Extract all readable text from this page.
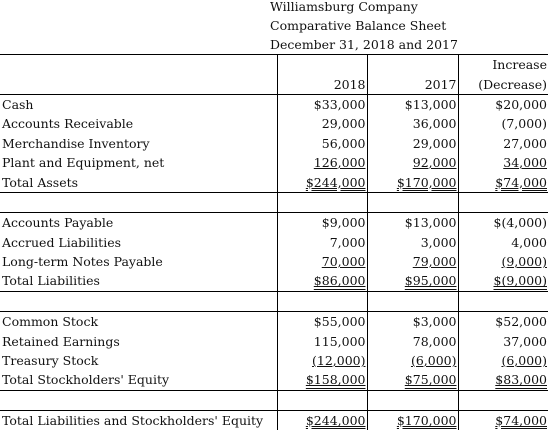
Williamsburg Company
Comparative Balance Sheet
December 31, 2018 and 2017
			Increase
	2018	2017	(Decrease)
Cash	$33,000	$13,000	$20,000
Accounts Receivable	29,000	36,000	(7,000)
Merchandise Inventory	56,000	29,000	27,000
Plant and Equipment, net	126,000	92,000	34,000
Total Assets	$244,000	$170,000	$74,000

Accounts Payable	$9,000	$13,000	$(4,000)
Accrued Liabilities	7,000	3,000	4,000
Long-term Notes Payable	70,000	79,000	(9,000)
Total Liabilities	$86,000	$95,000	$(9,000)

Common Stock	$55,000	$3,000	$52,000
Retained Earnings	115,000	78,000	37,000
Treasury Stock	(12,000)	(6,000)	(6,000)
Total Stockholders' Equity	$158,000	$75,000	$83,000

Total Liabilities and Stockholders' Equity	$244,000	$170,000	$74,000
